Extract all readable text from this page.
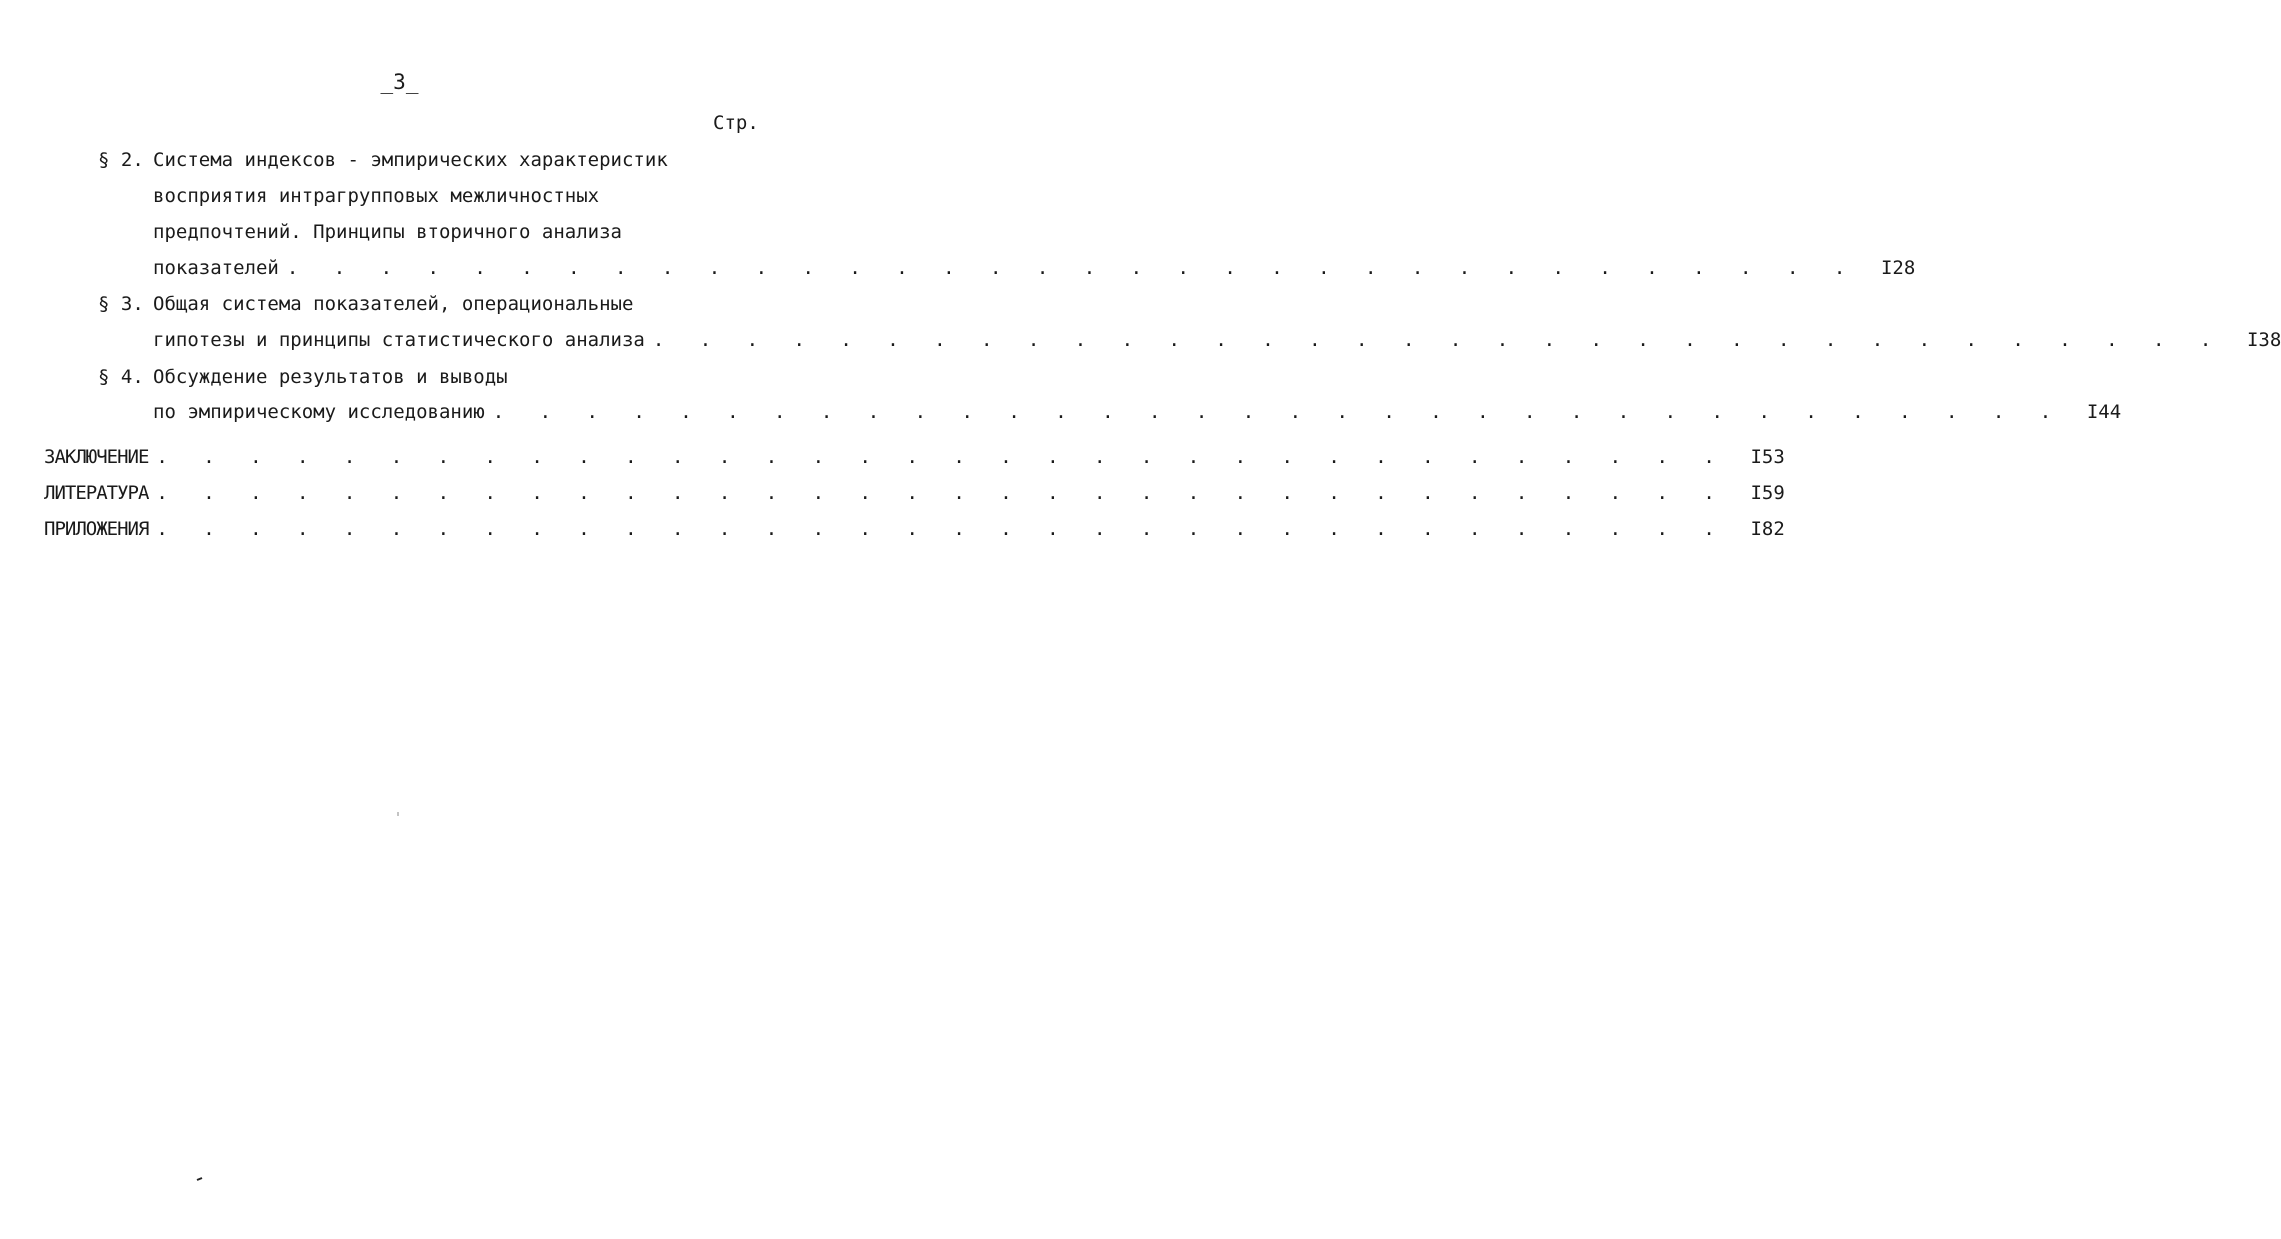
_3_
Стр.
§ 2. Система индексов - эмпирических характеристик
восприятия интрагрупповых межличностных
предпочтений. Принципы вторичного анализа
показателей . . . . . . . . . . . . . . . . . . . . . . . . . . . . . . . . . .	I28
§ 3. Общая система показателей, операциональные
гипотезы и принципы статистического анализа . . . . . . . . . . . . . . . . . . . . . . . . . . . . . . . . . .	I38
§ 4. Обсуждение результатов и выводы
по эмпирическому исследованию . . . . . . . . . . . . . . . . . . . . . . . . . . . . . . . . . .	I44
ЗАКЛЮЧЕНИЕ . . . . . . . . . . . . . . . . . . . . . . . . . . . . . . . . . .	I53
ЛИТЕРАТУРА . . . . . . . . . . . . . . . . . . . . . . . . . . . . . . . . . .	I59
ПРИЛОЖЕНИЯ . . . . . . . . . . . . . . . . . . . . . . . . . . . . . . . . . .	I82
